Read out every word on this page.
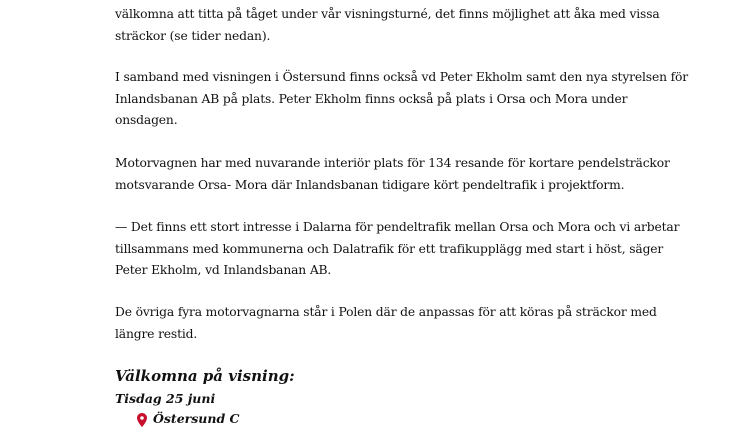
välkomna att titta på tåget under vår visningsturné, det finns möjlighet att åka med vissa
sträckor (se tider nedan).

I samband med visningen i Östersund finns också vd Peter Ekholm samt den nya styrelsen för
Inlandsbanan AB på plats. Peter Ekholm finns också på plats i Orsa och Mora under
onsdagen.

Motorvagnen har med nuvarande interiör plats för 134 resande för kortare pendelsträckor
motsvarande Orsa- Mora där Inlandsbanan tidigare kört pendeltrafik i projektform.

— Det finns ett stort intresse i Dalarna för pendeltrafik mellan Orsa och Mora och vi arbetar
tillsammans med kommunerna och Dalatrafik för ett trafikupplägg med start i höst, säger
Peter Ekholm, vd Inlandsbanan AB.

De övriga fyra motorvagnarna står i Polen där de anpassas för att köras på sträckor med
längre restid.

Välkomna på visning:
Tisdag 25 juni
Östersund C
